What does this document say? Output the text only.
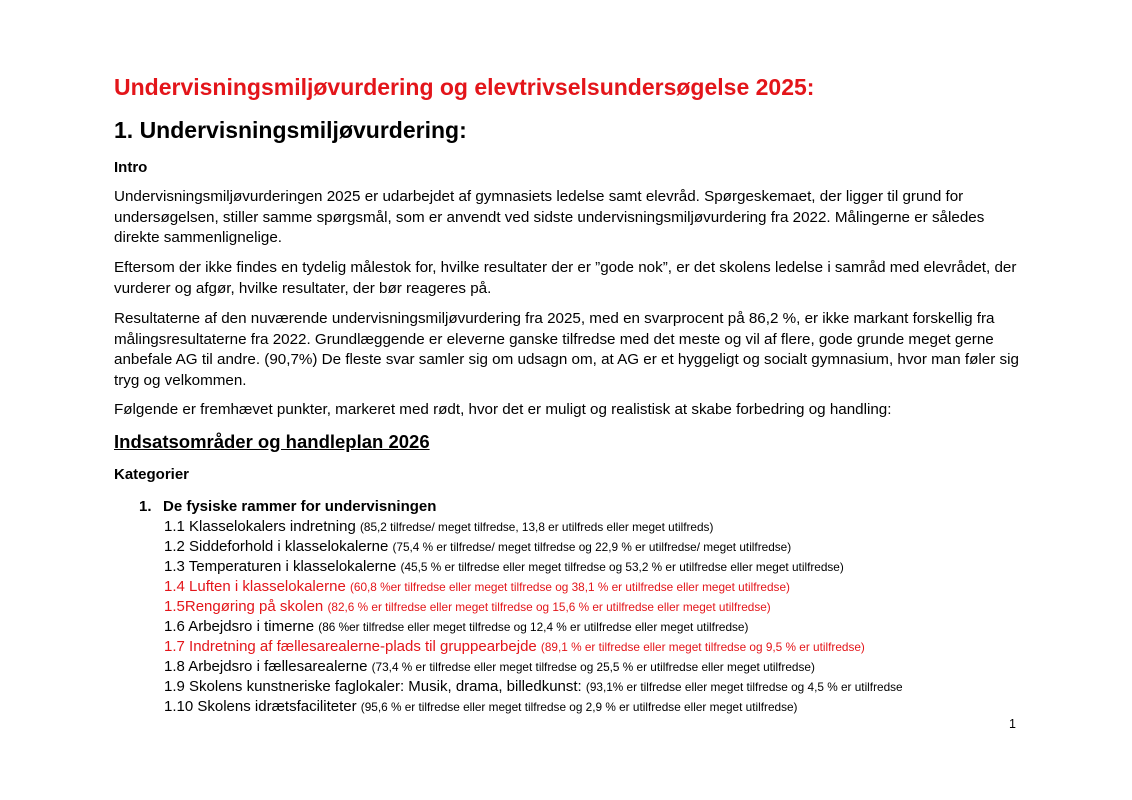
Undervisningsmiljøvurdering og elevtrivselsundersøgelse 2025:
1. Undervisningsmiljøvurdering:
Intro

Undervisningsmiljøvurderingen 2025 er udarbejdet af gymnasiets ledelse samt elevråd. Spørgeskemaet, der ligger til grund for undersøgelsen, stiller samme spørgsmål, som er anvendt ved sidste undervisningsmiljøvurdering fra 2022. Målingerne er således direkte sammenlignelige.

Eftersom der ikke findes en tydelig målestok for, hvilke resultater der er ”gode nok”, er det skolens ledelse i samråd med elevrådet, der vurderer og afgør, hvilke resultater, der bør reageres på.

Resultaterne af den nuværende undervisningsmiljøvurdering fra 2025, med en svarprocent på 86,2 %, er ikke markant forskellig fra målingsresultaterne fra 2022. Grundlæggende er eleverne ganske tilfredse med det meste og vil af flere, gode grunde meget gerne anbefale AG til andre. (90,7%) De fleste svar samler sig om udsagn om, at AG er et hyggeligt og socialt gymnasium, hvor man føler sig tryg og velkommen.

Følgende er fremhævet punkter, markeret med rødt, hvor det er muligt og realistisk at skabe forbedring og handling:

Indsatsområder og handleplan 2026
Kategorier
1. De fysiske rammer for undervisningen
1.1 Klasselokalers indretning (85,2 tilfredse/ meget tilfredse, 13,8 er utilfreds eller meget utilfreds)
1.2 Siddeforhold i klasselokalerne (75,4 % er tilfredse/ meget tilfredse og 22,9 % er utilfredse/ meget utilfredse)
1.3 Temperaturen i klasselokalerne (45,5 % er tilfredse eller meget tilfredse og 53,2 % er utilfredse eller meget utilfredse)
1.4 Luften i klasselokalerne (60,8 %er tilfredse eller meget tilfredse og 38,1 % er utilfredse eller meget utilfredse)
1.5Rengøring på skolen (82,6 % er tilfredse eller meget tilfredse og 15,6 % er utilfredse eller meget utilfredse)
1.6 Arbejdsro i timerne (86 %er tilfredse eller meget tilfredse og 12,4 % er utilfredse eller meget utilfredse)
1.7 Indretning af fællesarealerne-plads til gruppearbejde (89,1 % er tilfredse eller meget tilfredse og 9,5 % er utilfredse)
1.8 Arbejdsro i fællesarealerne (73,4 % er tilfredse eller meget tilfredse og 25,5 % er utilfredse eller meget utilfredse)
1.9 Skolens kunstneriske faglokaler: Musik, drama, billedkunst: (93,1% er tilfredse eller meget tilfredse og 4,5 % er utilfredse
1.10 Skolens idrætsfaciliteter (95,6 % er tilfredse eller meget tilfredse og 2,9 % er utilfredse eller meget utilfredse)
1
